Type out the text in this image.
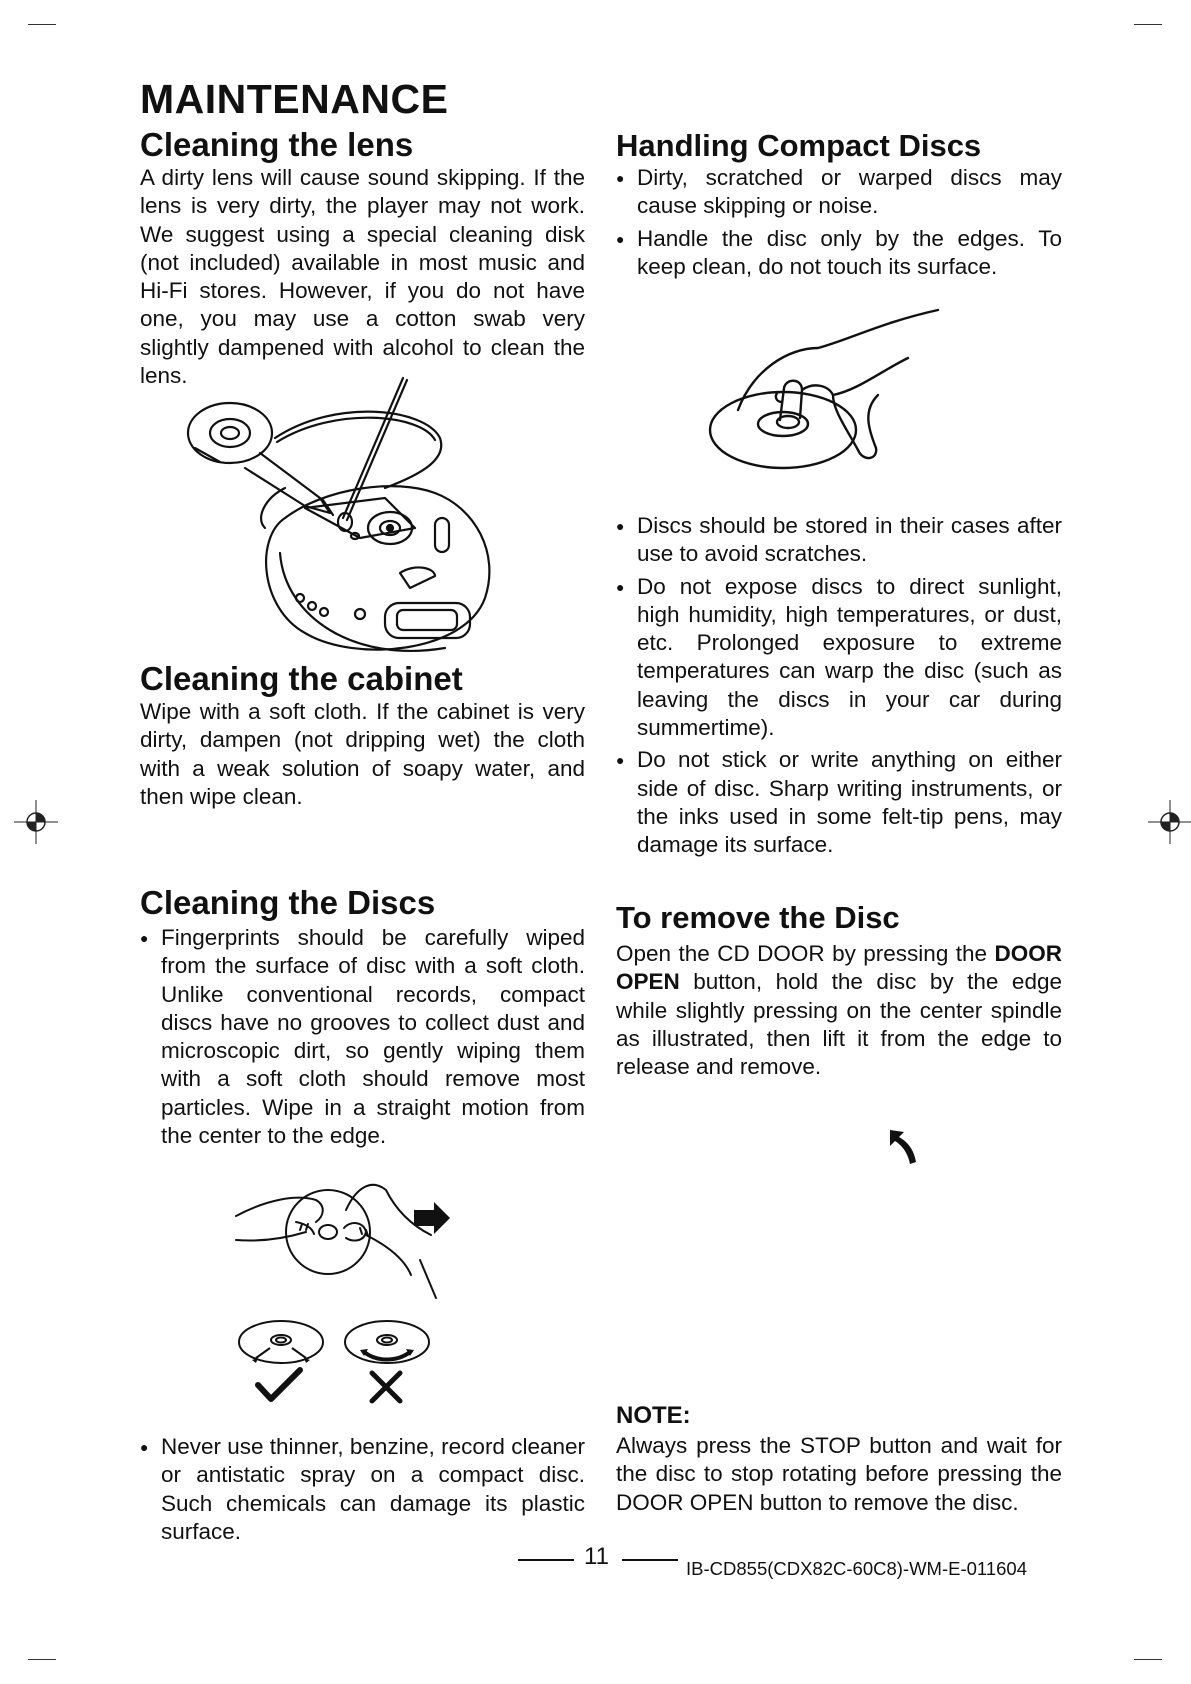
MAINTENANCE
Cleaning the lens
A dirty lens will cause sound skipping. If the lens is very dirty, the player may not work. We suggest using a special cleaning disk (not included) available in most music and Hi-Fi stores. However, if you do not have one, you may use a cotton swab very slightly dampened with alcohol to clean the lens.
Cleaning the cabinet
Wipe with a soft cloth. If the cabinet is very dirty, dampen (not dripping wet) the cloth with a weak solution of soapy water, and then wipe clean.
Cleaning the Discs
● Fingerprints should be carefully wiped from the surface of disc with a soft cloth. Unlike conventional records, compact discs have no grooves to collect dust and microscopic dirt, so gently wiping them with a soft cloth should remove most particles. Wipe in a straight motion from the center to the edge.
● Never use thinner, benzine, record cleaner or antistatic spray on a compact disc. Such chemicals can damage its plastic surface.
Handling Compact Discs
● Dirty, scratched or warped discs may cause skipping or noise.
● Handle the disc only by the edges. To keep clean, do not touch its surface.
● Discs should be stored in their cases after use to avoid scratches.
● Do not expose discs to direct sunlight, high humidity, high temperatures, or dust, etc. Prolonged exposure to extreme temperatures can warp the disc (such as leaving the discs in your car during summertime).
● Do not stick or write anything on either side of disc. Sharp writing instruments, or the inks used in some felt-tip pens, may damage its surface.
To remove the Disc
Open the CD DOOR by pressing the DOOR OPEN button, hold the disc by the edge while slightly pressing on the center spindle as illustrated, then lift it from the edge to release and remove.
NOTE:
Always press the STOP button and wait for the disc to stop rotating before pressing the DOOR OPEN button to remove the disc.
11	IB-CD855(CDX82C-60C8)-WM-E-011604
